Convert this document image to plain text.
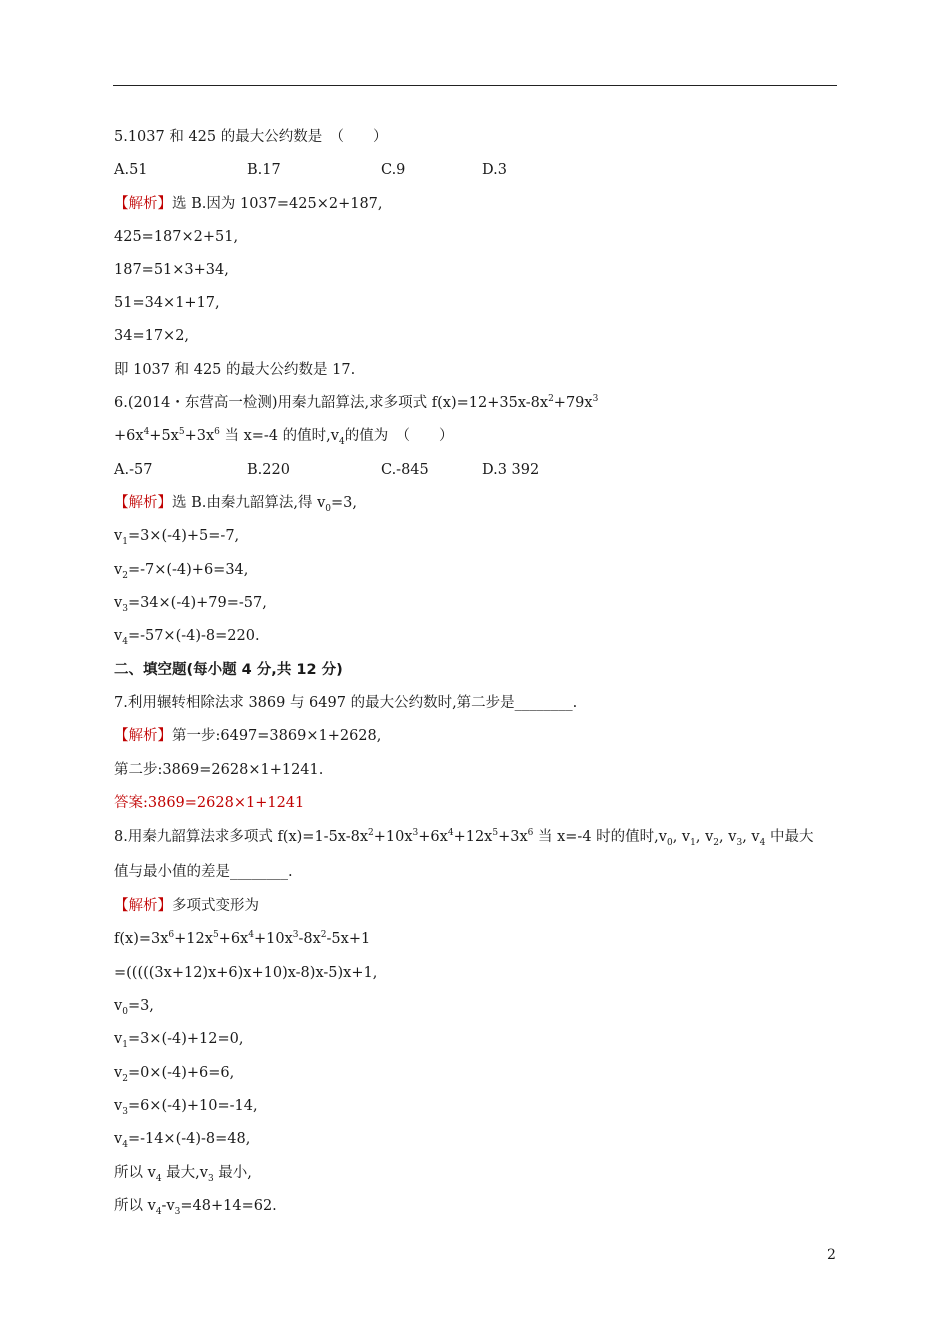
5.1037 和 425 的最大公约数是　（　　）
A.51	B.17	C.9	D.3
【解析】选 B.因为 1037=425×2+187,
425=187×2+51,
187=51×3+34,
51=34×1+17,
34=17×2,
即 1037 和 425 的最大公约数是 17.
6.(2014・东营高一检测)用秦九韶算法,求多项式 $f(x)=12+35x-8x^2+79x^3$
$+6x^4+5x^5+3x^6$ 当 x=-4 的值时$,v_4$的值为　（　　）
A.-57	B.220	C.-845	D.3 392
【解析】选 B.由秦九韶算法,得 $v_0=3$,
$v_1=3\times(-4)+5=-7$,
$v_2=-7\times(-4)+6=34$,
$v_3=34\times(-4)+79=-57$,
$v_4=-57\times(-4)-8=220$.
二、填空题(每小题 4 分,共 12 分)
7.利用辗转相除法求 3869 与 6497 的最大公约数时,第二步是________.
【解析】第一步:6497=3869×1+2628,
第二步:3869=2628×1+1241.
答案:3869=2628×1+1241
8.用秦九韶算法求多项式 $f(x)=1-5x-8x^2+10x^3+6x^4+12x^5+3x^6$ 当 x=-4 时的值时$,v_0$, $v_1$, $v_2$, $v_3$, $v_4$ 中最大
值与最小值的差是________.
【解析】多项式变形为
$f(x)=3x^6+12x^5+6x^4+10x^3-8x^2-5x+1$
=(((((3x+12)x+6)x+10)x-8)x-5)x+1,
$v_0=3$,
$v_1=3\times(-4)+12=0$,
$v_2=0\times(-4)+6=6$,
$v_3=6\times(-4)+10=-14$,
$v_4=-14\times(-4)-8=48$,
所以 $v_4$ 最大$,v_3$ 最小,
所以 $v_4-v_3=48+14=62$.
2
